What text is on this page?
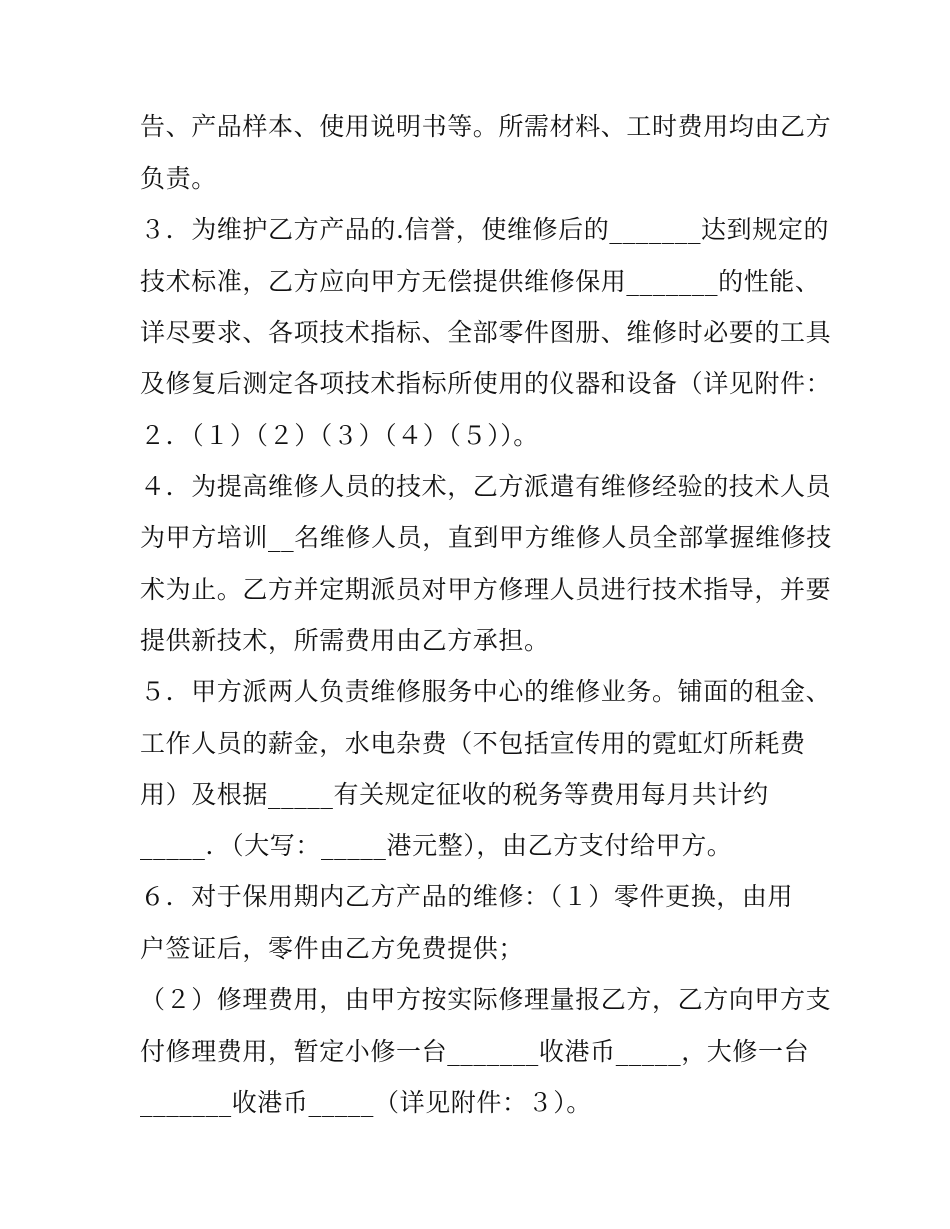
告、产品样本、使用说明书等。所需材料、工时费用均由乙方
负责。
３．为维护乙方产品的.信誉，使维修后的_______达到规定的
技术标准，乙方应向甲方无偿提供维修保用_______的性能、
详尽要求、各项技术指标、全部零件图册、维修时必要的工具
及修复后测定各项技术指标所使用的仪器和设备（详见附件：
２．（１）（２）（３）（４）（５））。
４．为提高维修人员的技术，乙方派遣有维修经验的技术人员
为甲方培训__名维修人员，直到甲方维修人员全部掌握维修技
术为止。乙方并定期派员对甲方修理人员进行技术指导，并要
提供新技术，所需费用由乙方承担。
５．甲方派两人负责维修服务中心的维修业务。铺面的租金、
工作人员的薪金，水电杂费（不包括宣传用的霓虹灯所耗费
用）及根据_____有关规定征收的税务等费用每月共计约
_____．（大写：_____港元整），由乙方支付给甲方。
６．对于保用期内乙方产品的维修：（１）零件更换，由用
户签证后，零件由乙方免费提供；
（２）修理费用，由甲方按实际修理量报乙方，乙方向甲方支
付修理费用，暂定小修一台_______收港币_____，大修一台
_______收港币_____（详见附件：３）。
